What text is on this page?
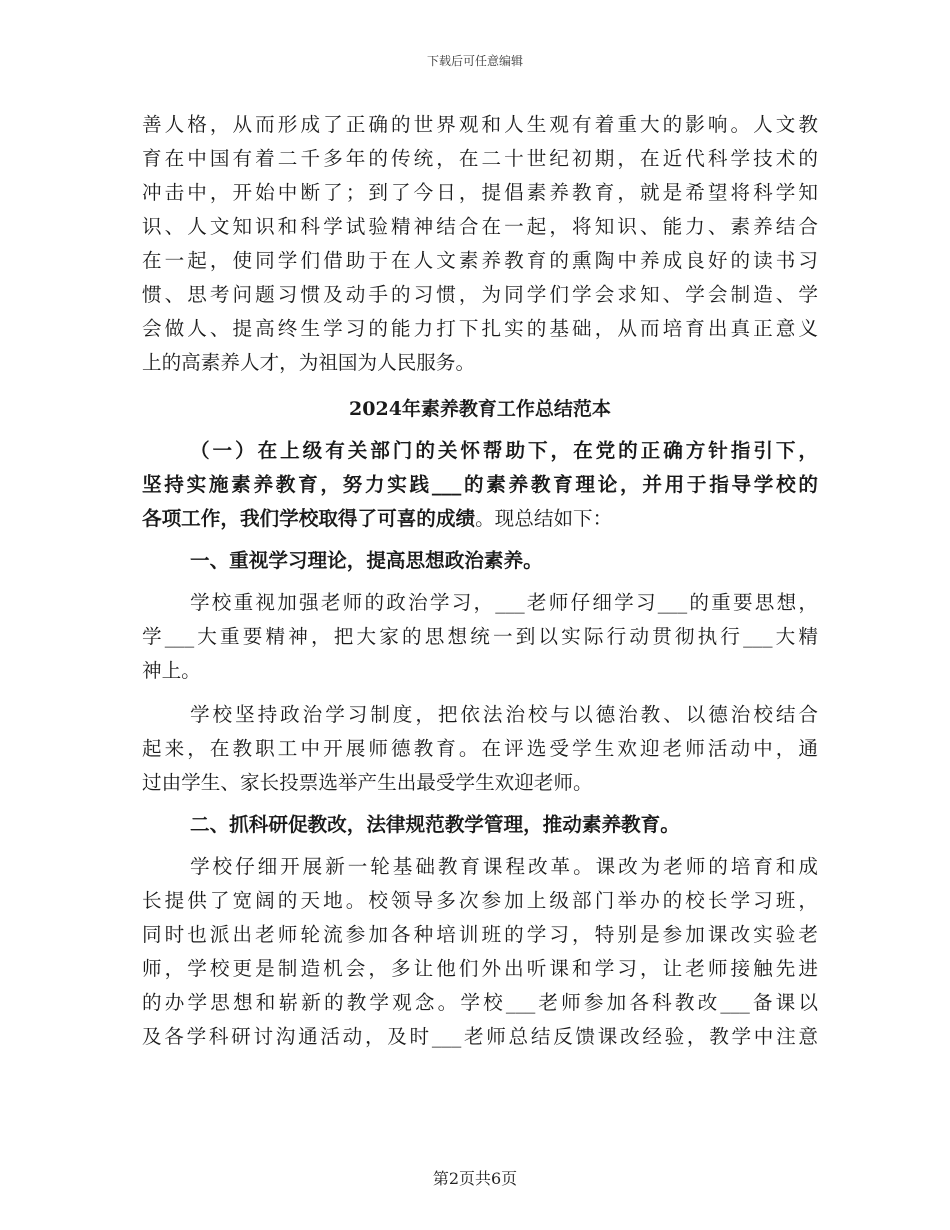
下载后可任意编辑
善人格，从而形成了正确的世界观和人生观有着重大的影响。人文教
育在中国有着二千多年的传统，在二十世纪初期，在近代科学技术的
冲击中，开始中断了；到了今日，提倡素养教育，就是希望将科学知
识、人文知识和科学试验精神结合在一起，将知识、能力、素养结合
在一起，使同学们借助于在人文素养教育的熏陶中养成良好的读书习
惯、思考问题习惯及动手的习惯，为同学们学会求知、学会制造、学
会做人、提高终生学习的能力打下扎实的基础，从而培育出真正意义
上的高素养人才，为祖国为人民服务。
2024年素养教育工作总结范本
（一）在上级有关部门的关怀帮助下，在党的正确方针指引下，
坚持实施素养教育，努力实践___的素养教育理论，并用于指导学校的
各项工作，我们学校取得了可喜的成绩。现总结如下：
一、重视学习理论，提高思想政治素养。
学校重视加强老师的政治学习，___老师仔细学习___的重要思想，
学___大重要精神，把大家的思想统一到以实际行动贯彻执行___大精
神上。
学校坚持政治学习制度，把依法治校与以德治教、以德治校结合
起来，在教职工中开展师德教育。在评选受学生欢迎老师活动中，通
过由学生、家长投票选举产生出最受学生欢迎老师。
二、抓科研促教改，法律规范教学管理，推动素养教育。
学校仔细开展新一轮基础教育课程改革。课改为老师的培育和成
长提供了宽阔的天地。校领导多次参加上级部门举办的校长学习班，
同时也派出老师轮流参加各种培训班的学习，特别是参加课改实验老
师，学校更是制造机会，多让他们外出听课和学习，让老师接触先进
的办学思想和崭新的教学观念。学校___老师参加各科教改___备课以
及各学科研讨沟通活动，及时___老师总结反馈课改经验，教学中注意
第2页共6页
